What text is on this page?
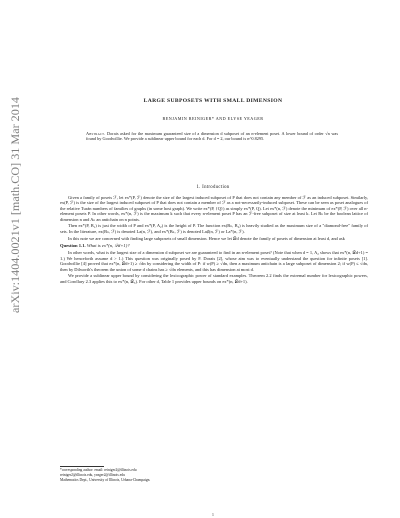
arXiv:1404.0021v1 [math.CO] 31 Mar 2014
LARGE SUBPOSETS WITH SMALL DIMENSION
BENJAMIN REINIGER* AND ELYSE YEAGER
Abstract. Dorais asked for the maximum guaranteed size of a dimension d subposet of an n-element poset. A lower bound of order √n was found by Goodwillie. We provide a sublinear upper bound for each d. For d = 2, our bound is n^0.8295.
1. Introduction

Given a family of posets ℱ, let ex*(P, ℱ) denote the size of the largest induced subposet of P that does not contain any member of ℱ as an induced subposet. Similarly, ex(P, ℱ) is the size of the largest induced subposet of P that does not contain a member of ℱ as a not-necessarily-induced subposet. These can be seen as poset analogues of the relative Turán numbers of families of graphs (in some host graph). We write ex*(P, {Q}) as simply ex*(P, Q). Let ex*(n, ℱ) denote the minimum of ex*(P, ℱ) over all n-element posets P. In other words, ex*(n, ℱ) is the maximum k such that every n-element poset P has an ℱ-free subposet of size at least k. Let Bₙ be the boolean lattice of dimension n and Aₙ an antichain on n points.

Then ex*(P, B₁) is just the width of P and ex*(P, A₂) is the height of P. The function ex(Bₙ, B₂) is heavily studied as the maximum size of a "diamond-free" family of sets. In the literature, ex(Bₙ, ℱ) is denoted La(n, ℱ), and ex*(Bₙ, ℱ) is denoted La♯(n, ℱ) or La*(n, ℱ).

In this note we are concerned with finding large subposets of small dimension. Hence we let 𝒟d denote the family of posets of dimension at least d, and ask

Question 1.1. What is ex*(n, 𝒟d+1)?

In other words, what is the largest size of a dimension d subposet we are guaranteed to find in an n-element poset? (Note that when d = 1, A₂ shows that ex*(n, 𝒟d+1) = 1.) We henceforth assume d > 1.) This question was originally posed by F. Dorais [2], whose aim was to eventually understand the question for infinite posets [1]. Goodwillie [4] proved that ex*(n, 𝒟d+1) ≥ √dn by considering the width of P: if w(P) ≥ √dn, then a maximum antichain is a large subposet of dimension 2; if w(P) ≤ √dn, then by Dilworth's theorem the union of some d chains has ≥ √dn elements, and this has dimension at most d.

We provide a sublinear upper bound by considering the lexicographic power of standard examples. Theorem 2.2 finds the extremal number for lexicographic powers, and Corollary 2.3 applies this to ex*(n, 𝒟₃). For other d, Table 1 provides upper bounds on ex*(n, 𝒟d+1).

*corresponding author: email: reiniger2@illinois.edu
reiniger2@illinois.edu, yeager2@illinois.edu
Mathematics Dept., University of Illinois, Urbana-Champaign.
1
